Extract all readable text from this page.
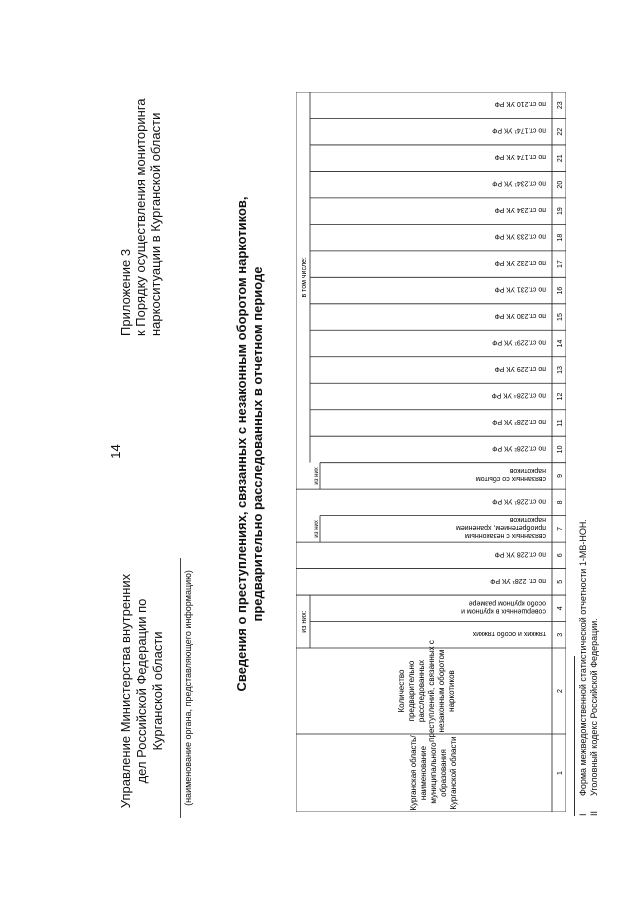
14
Управление Министерства внутренних дел Российской Федерации по Курганской области	(наименование органа, представляющего информацию)
Приложение 3 к Порядку осуществления мониторинга наркоситуации в Курганской области	Сведения о преступлениях, связанных с незаконным оборотом наркотиков, предварительно расследованных в отчетном периоде
Курганская область/ наименование муниципального образования Курганской области
Количество предварительно расследованных преступлений, связанных с незаконным оборотом наркотиков
из них:
в том числе:
из них
из них
тяжких и особо тяжких
совершенных в крупном и
особо крупном размере
по ст. 228¹ УК РФ
по ст.228 УК РФ
связанных с незаконным
приобретением, хранением
наркотиков
по ст.228¹ УК РФ
связанных со сбытом
наркотиков
по ст.228² УК РФ
по ст.228³ УК РФ
по ст.228⁴ УК РФ
по ст.229 УК РФ
по ст.229¹ УК РФ
по ст.230 УК РФ
по ст.231 УК РФ
по ст.232 УК РФ
по ст.233 УК РФ
по ст.234 УК РФ
по ст.234¹ УК РФ
по ст.174 УК РФ
по ст.174¹ УК РФ
по ст.210 УК РФ
1
2
3
4
5
6
7
8
9
10
11
12
13
14
15
16
17
18
19
20
21
22
23
I
Форма межведомственной статистической отчетности 1-МВ-НОН.
II
Уголовный кодекс Российской Федерации.
